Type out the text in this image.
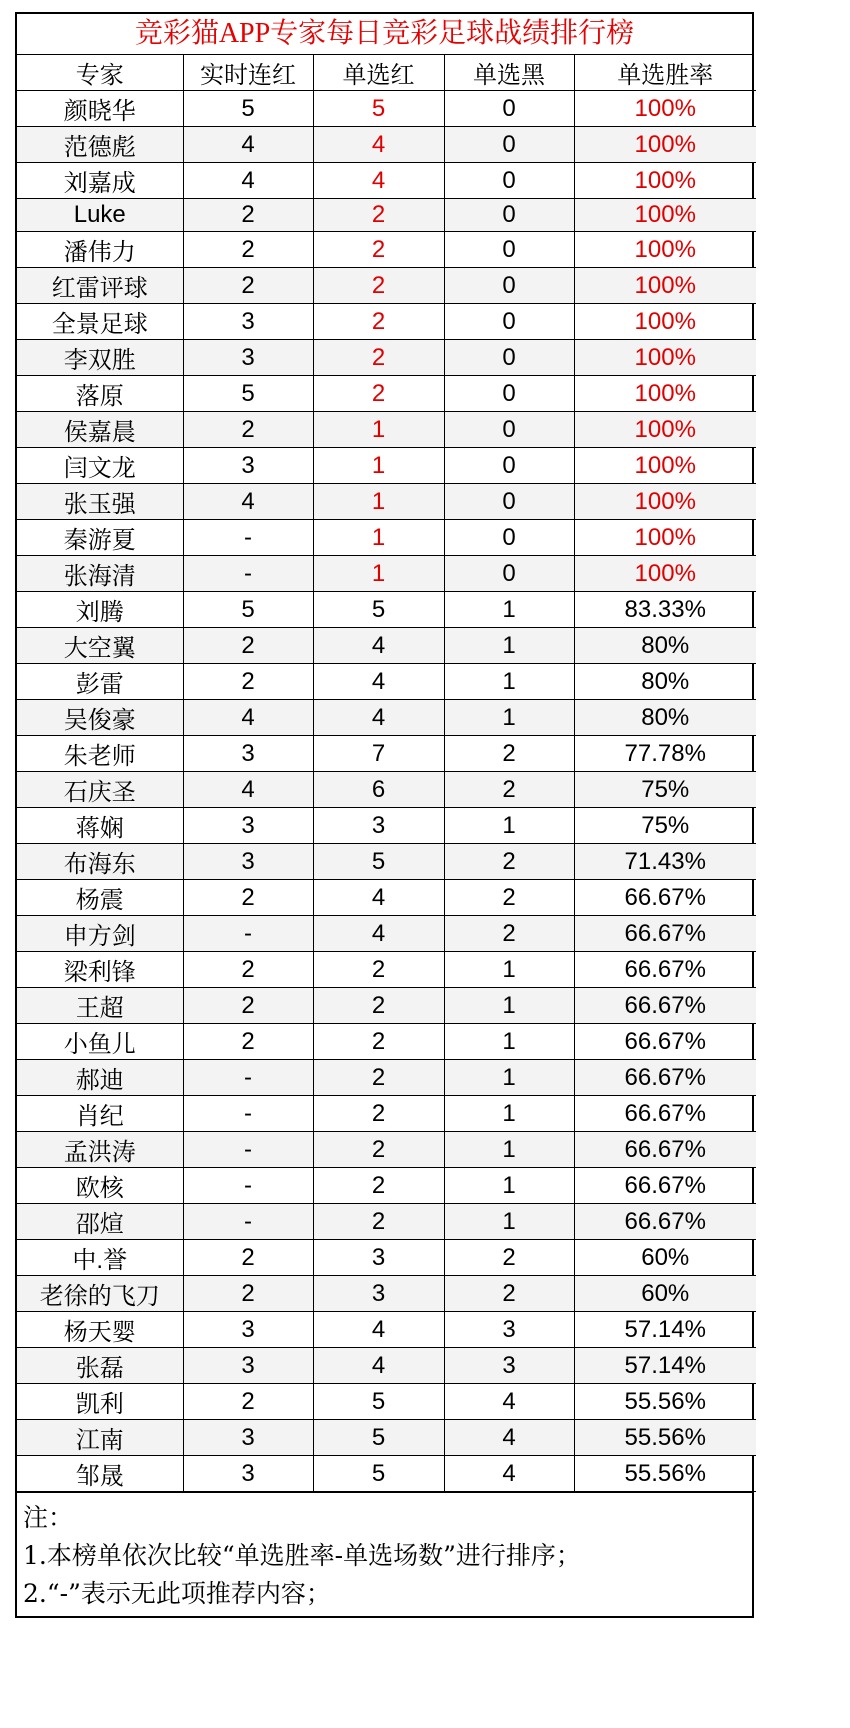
竞彩猫APP专家每日竞彩足球战绩排行榜
专家	实时连红	单选红	单选黑	单选胜率
颜晓华	5	5	0	100%
范德彪	4	4	0	100%
刘嘉成	4	4	0	100%
Luke	2	2	0	100%
潘伟力	2	2	0	100%
红雷评球	2	2	0	100%
全景足球	3	2	0	100%
李双胜	3	2	0	100%
落原	5	2	0	100%
侯嘉晨	2	1	0	100%
闫文龙	3	1	0	100%
张玉强	4	1	0	100%
秦游夏	-	1	0	100%
张海清	-	1	0	100%
刘腾	5	5	1	83.33%
大空翼	2	4	1	80%
彭雷	2	4	1	80%
吴俊豪	4	4	1	80%
朱老师	3	7	2	77.78%
石庆圣	4	6	2	75%
蒋娴	3	3	1	75%
布海东	3	5	2	71.43%
杨震	2	4	2	66.67%
申方剑	-	4	2	66.67%
梁利锋	2	2	1	66.67%
王超	2	2	1	66.67%
小鱼儿	2	2	1	66.67%
郝迪	-	2	1	66.67%
肖纪	-	2	1	66.67%
孟洪涛	-	2	1	66.67%
欧核	-	2	1	66.67%
邵煊	-	2	1	66.67%
中.誉	2	3	2	60%
老徐的飞刀	2	3	2	60%
杨天婴	3	4	3	57.14%
张磊	3	4	3	57.14%
凯利	2	5	4	55.56%
江南	3	5	4	55.56%
邹晟	3	5	4	55.56%
注：
1.本榜单依次比较“单选胜率-单选场数”进行排序；
2.“-”表示无此项推荐内容；
